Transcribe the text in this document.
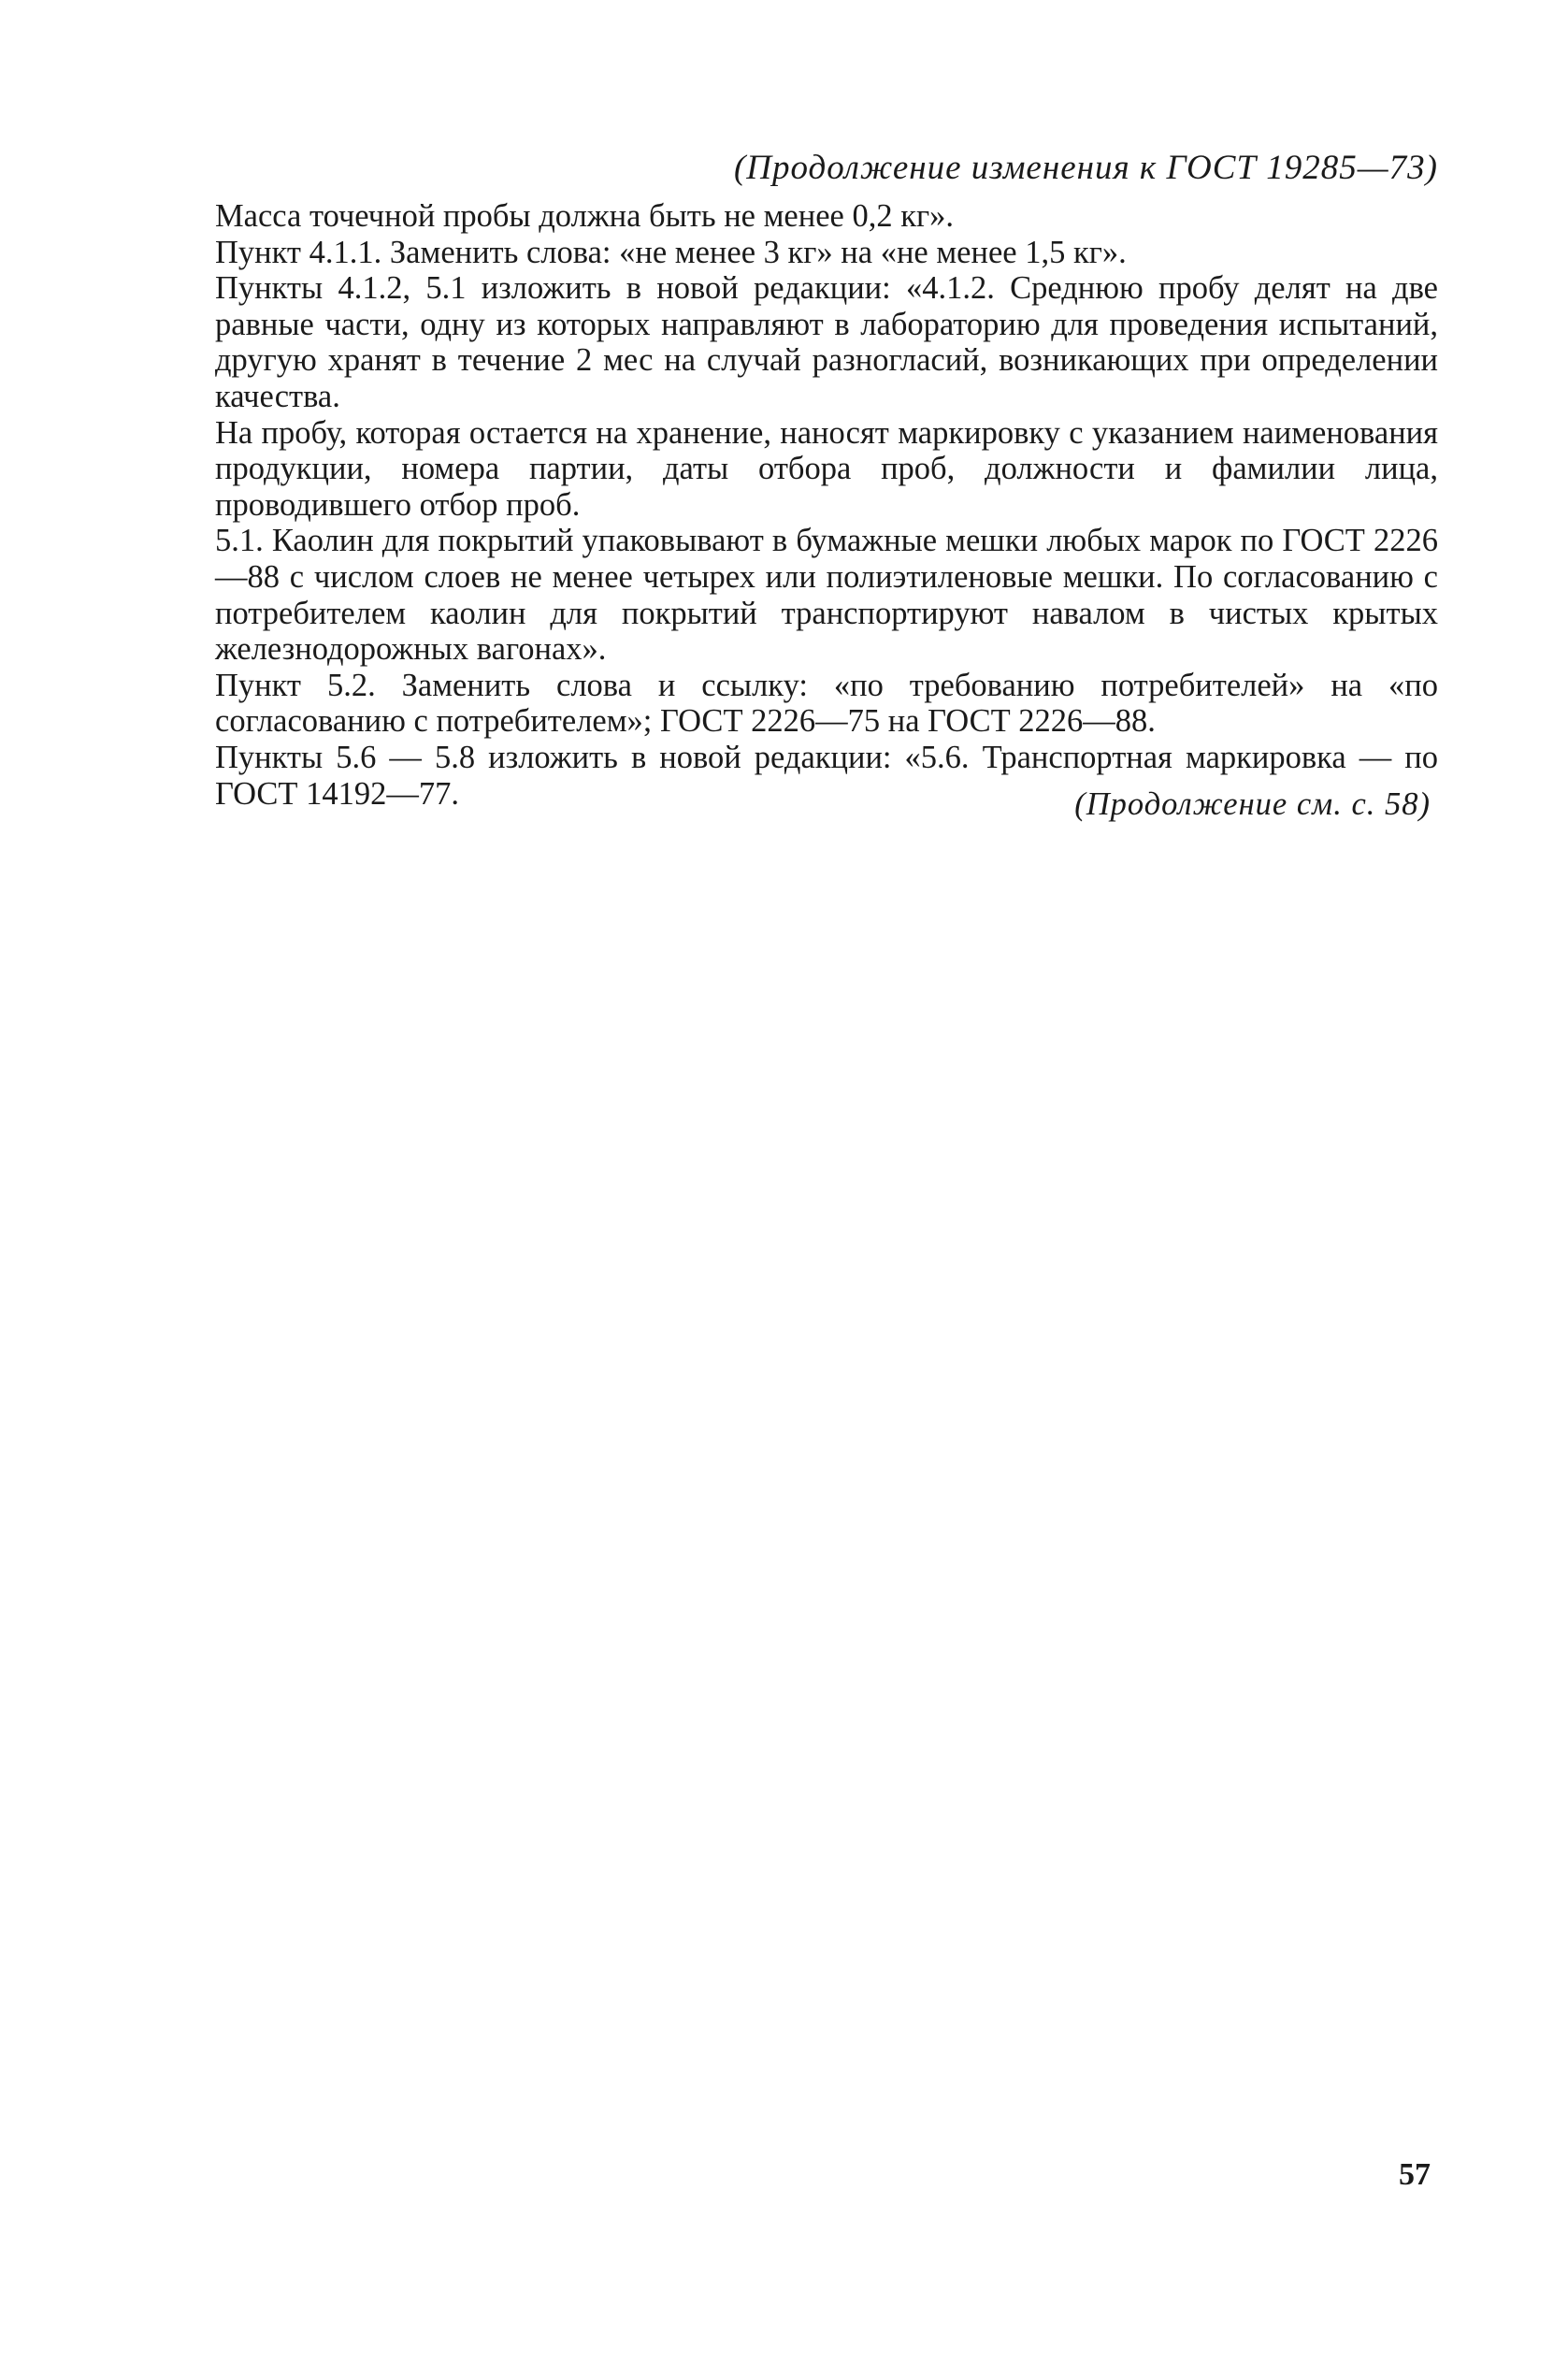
(Продолжение изменения к ГОСТ 19285—73)

Масса точечной пробы должна быть не менее 0,2 кг».

Пункт 4.1.1. Заменить слова: «не менее 3 кг» на «не менее 1,5 кг».

Пункты 4.1.2, 5.1 изложить в новой редакции: «4.1.2. Среднюю пробу делят на две равные части, одну из которых направляют в лабораторию для проведения испытаний, другую хранят в течение 2 мес на случай разногласий, возникающих при определении качества.

На пробу, которая остается на хранение, наносят маркировку с указанием наименования продукции, номера партии, даты отбора проб, должности и фамилии лица, проводившего отбор проб.

5.1. Каолин для покрытий упаковывают в бумажные мешки любых марок по ГОСТ 2226—88 с числом слоев не менее четырех или полиэтиленовые мешки. По согласованию с потребителем каолин для покрытий транспортируют навалом в чистых крытых железнодорожных вагонах».

Пункт 5.2. Заменить слова и ссылку: «по требованию потребителей» на «по согласованию с потребителем»; ГОСТ 2226—75 на ГОСТ 2226—88.

Пункты 5.6 — 5.8 изложить в новой редакции: «5.6. Транспортная маркировка — по ГОСТ 14192—77.	(Продолжение см. с. 58)
57
